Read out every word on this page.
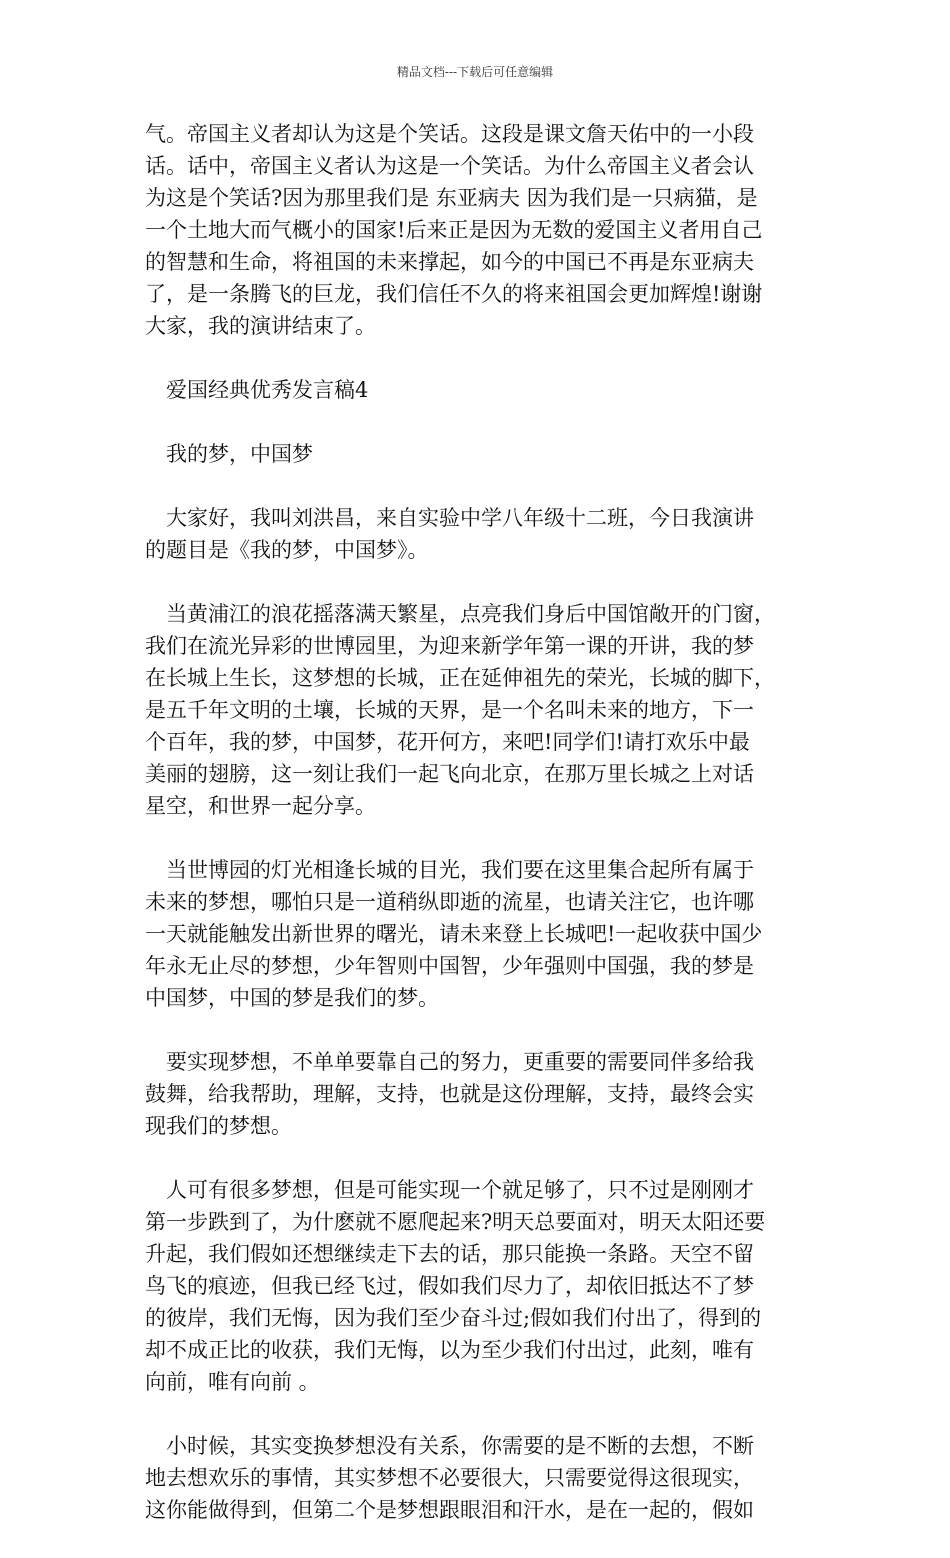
精品文档---下载后可任意编辑
气。帝国主义者却认为这是个笑话。这段是课文詹天佑中的一小段
话。话中，帝国主义者认为这是一个笑话。为什么帝国主义者会认
为这是个笑话?因为那里我们是 东亚病夫 因为我们是一只病猫，是
一个土地大而气概小的国家!后来正是因为无数的爱国主义者用自己
的智慧和生命，将祖国的未来撑起，如今的中国已不再是东亚病夫
了，是一条腾飞的巨龙，我们信任不久的将来祖国会更加辉煌!谢谢
大家，我的演讲结束了。
　爱国经典优秀发言稿4
　我的梦，中国梦
　大家好，我叫刘洪昌，来自实验中学八年级十二班，今日我演讲
的题目是《我的梦，中国梦》。
　当黄浦江的浪花摇落满天繁星，点亮我们身后中国馆敞开的门窗，
我们在流光异彩的世博园里，为迎来新学年第一课的开讲，我的梦
在长城上生长，这梦想的长城，正在延伸祖先的荣光，长城的脚下，
是五千年文明的土壤，长城的天界，是一个名叫未来的地方，下一
个百年，我的梦，中国梦，花开何方，来吧!同学们!请打欢乐中最
美丽的翅膀，这一刻让我们一起飞向北京，在那万里长城之上对话
星空，和世界一起分享。
　当世博园的灯光相逢长城的目光，我们要在这里集合起所有属于
未来的梦想，哪怕只是一道稍纵即逝的流星，也请关注它，也许哪
一天就能触发出新世界的曙光，请未来登上长城吧!一起收获中国少
年永无止尽的梦想，少年智则中国智，少年强则中国强，我的梦是
中国梦，中国的梦是我们的梦。
　要实现梦想，不单单要靠自己的努力，更重要的需要同伴多给我
鼓舞，给我帮助，理解，支持，也就是这份理解，支持，最终会实
现我们的梦想。
　人可有很多梦想，但是可能实现一个就足够了，只不过是刚刚才
第一步跌到了，为什麽就不愿爬起来?明天总要面对，明天太阳还要
升起，我们假如还想继续走下去的话，那只能换一条路。天空不留
鸟飞的痕迹，但我已经飞过，假如我们尽力了，却依旧抵达不了梦
的彼岸，我们无悔，因为我们至少奋斗过;假如我们付出了，得到的
却不成正比的收获，我们无悔，以为至少我们付出过，此刻，唯有
向前，唯有向前 。
　小时候，其实变换梦想没有关系，你需要的是不断的去想，不断
地去想欢乐的事情，其实梦想不必要很大，只需要觉得这很现实，
这你能做得到，但第二个是梦想跟眼泪和汗水，是在一起的，假如
